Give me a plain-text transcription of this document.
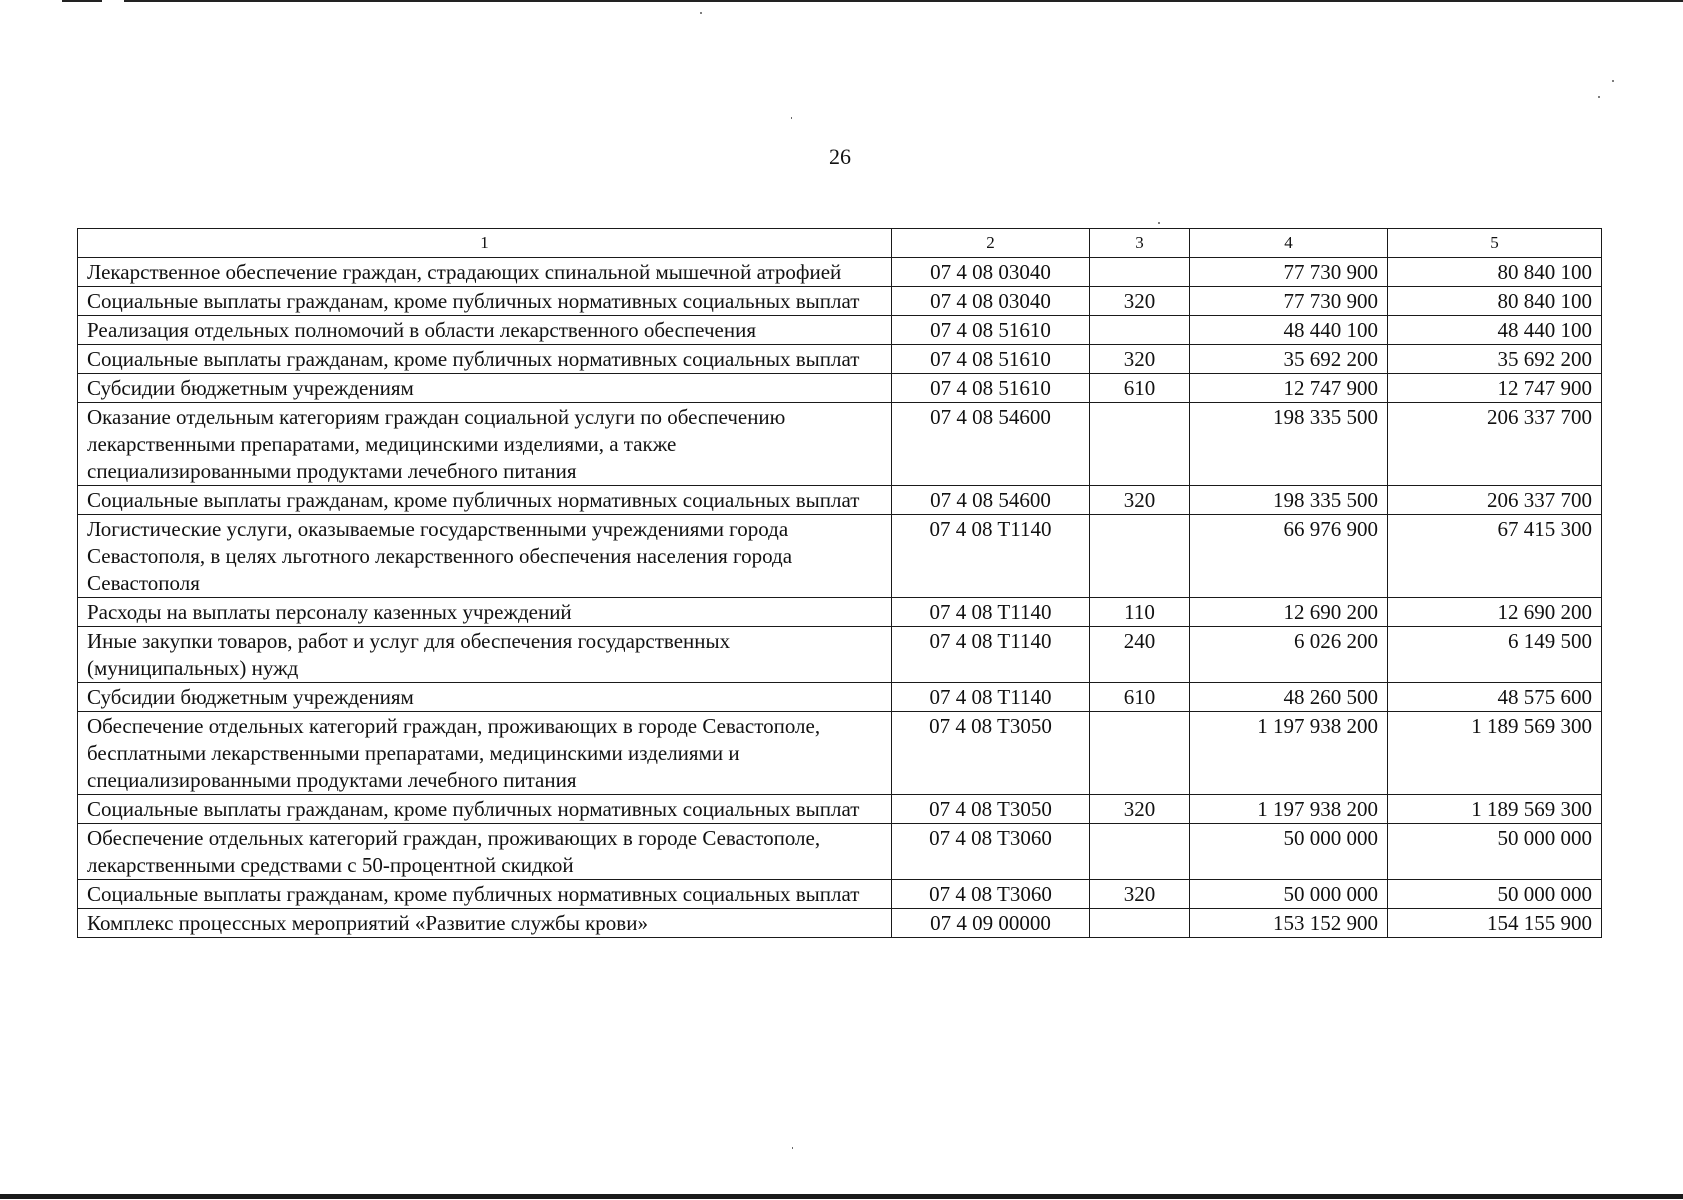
26
1	2	3	4	5
Лекарственное обеспечение граждан, страдающих спинальной мышечной атрофией	07 4 08 03040		77 730 900	80 840 100
Социальные выплаты гражданам, кроме публичных нормативных социальных выплат	07 4 08 03040	320	77 730 900	80 840 100
Реализация отдельных полномочий в области лекарственного обеспечения	07 4 08 51610		48 440 100	48 440 100
Социальные выплаты гражданам, кроме публичных нормативных социальных выплат	07 4 08 51610	320	35 692 200	35 692 200
Субсидии бюджетным учреждениям	07 4 08 51610	610	12 747 900	12 747 900
Оказание отдельным категориям граждан социальной услуги по обеспечению лекарственными препаратами, медицинскими изделиями, а также специализированными продуктами лечебного питания	07 4 08 54600		198 335 500	206 337 700
Социальные выплаты гражданам, кроме публичных нормативных социальных выплат	07 4 08 54600	320	198 335 500	206 337 700
Логистические услуги, оказываемые государственными учреждениями города Севастополя, в целях льготного лекарственного обеспечения населения города Севастополя	07 4 08 T1140		66 976 900	67 415 300
Расходы на выплаты персоналу казенных учреждений	07 4 08 T1140	110	12 690 200	12 690 200
Иные закупки товаров, работ и услуг для обеспечения государственных (муниципальных) нужд	07 4 08 T1140	240	6 026 200	6 149 500
Субсидии бюджетным учреждениям	07 4 08 T1140	610	48 260 500	48 575 600
Обеспечение отдельных категорий граждан, проживающих в городе Севастополе, бесплатными лекарственными препаратами, медицинскими изделиями и специализированными продуктами лечебного питания	07 4 08 T3050		1 197 938 200	1 189 569 300
Социальные выплаты гражданам, кроме публичных нормативных социальных выплат	07 4 08 T3050	320	1 197 938 200	1 189 569 300
Обеспечение отдельных категорий граждан, проживающих в городе Севастополе, лекарственными средствами с 50-процентной скидкой	07 4 08 T3060		50 000 000	50 000 000
Социальные выплаты гражданам, кроме публичных нормативных социальных выплат	07 4 08 T3060	320	50 000 000	50 000 000
Комплекс процессных мероприятий «Развитие службы крови»	07 4 09 00000		153 152 900	154 155 900
